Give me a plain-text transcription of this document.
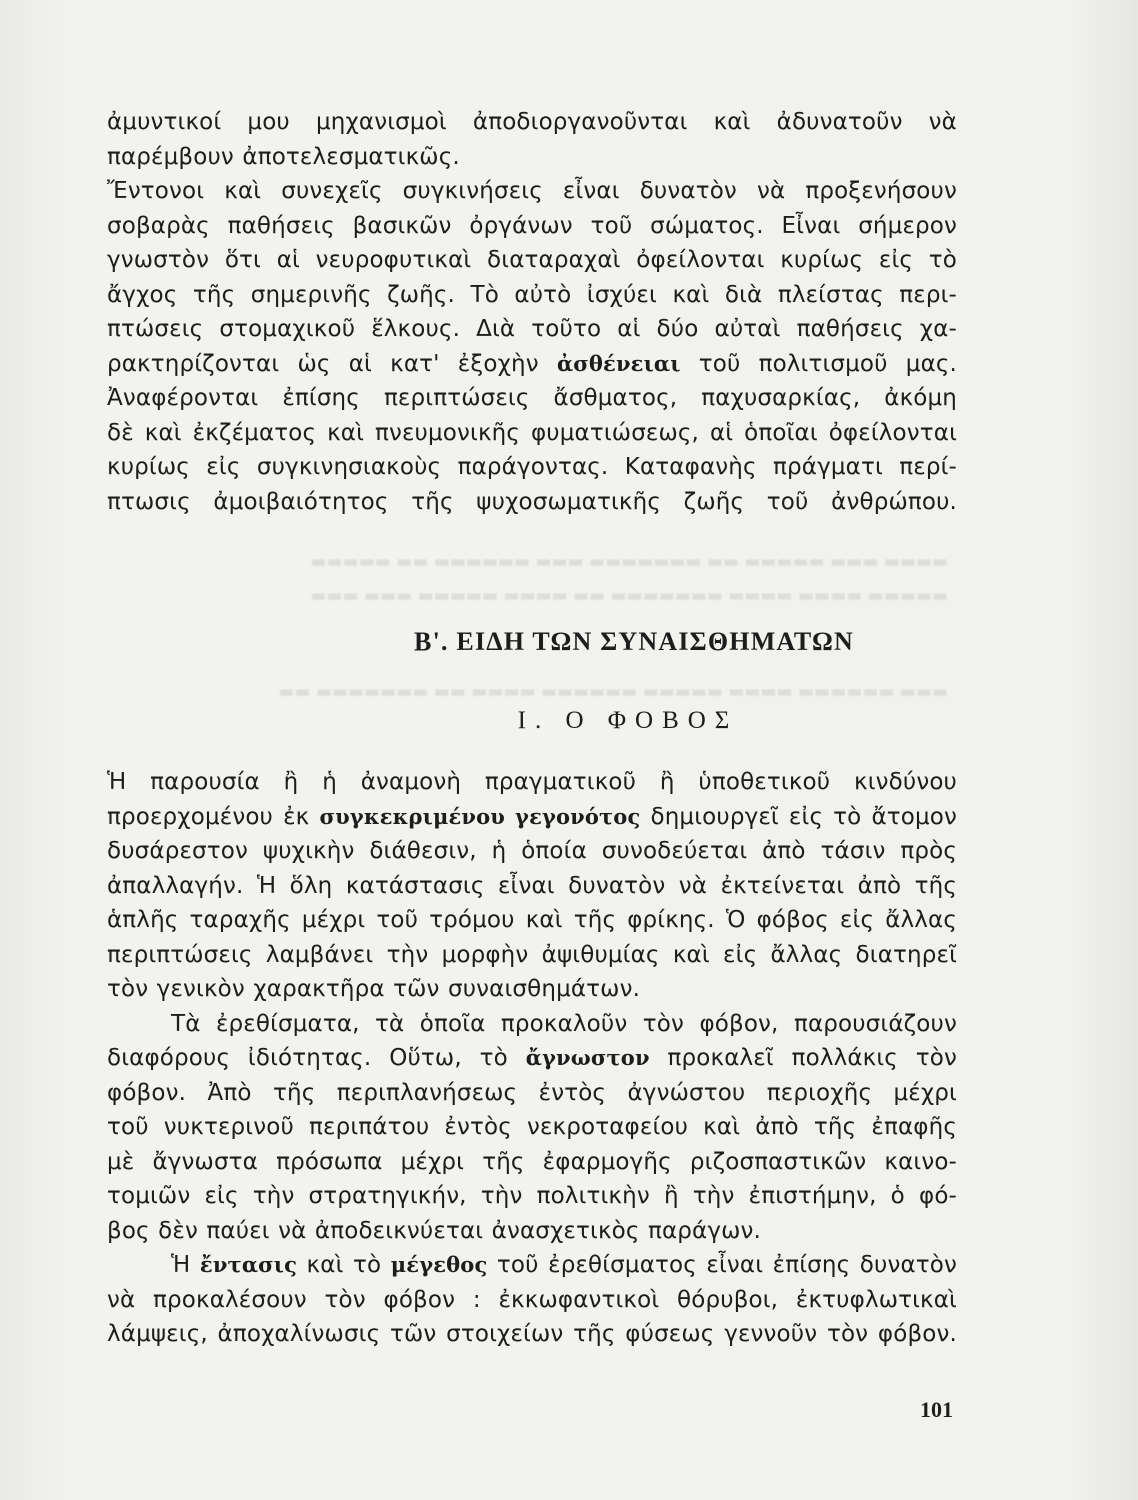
▬▬▬▬ ▬▬▬ ▬▬▬▬▬ ▬▬ ▬▬▬▬▬▬▬ ▬▬▬ ▬▬▬▬▬▬ ▬▬ ▬▬▬▬▬
▬▬▬▬▬ ▬▬▬▬ ▬▬▬▬ ▬▬▬▬▬▬▬ ▬▬ ▬▬▬▬ ▬▬▬▬▬ ▬▬▬ ▬▬▬
▬▬▬ ▬▬▬▬▬▬ ▬▬▬▬ ▬▬▬▬▬ ▬▬▬▬▬▬ ▬▬▬▬ ▬▬ ▬▬▬▬▬▬▬ ▬▬
ἀμυντικοί μου μηχανισμοὶ ἀποδιοργανοῦνται καὶ ἀδυνατοῦν νὰ
παρέμβουν ἀποτελεσματικῶς.
Ἔντονοι καὶ συνεχεῖς συγκινήσεις εἶναι δυνατὸν νὰ προξενήσουν
σοβαρὰς παθήσεις βασικῶν ὀργάνων τοῦ σώματος. Εἶναι σήμερον
γνωστὸν ὅτι αἱ νευροφυτικαὶ διαταραχαὶ ὀφείλονται κυρίως εἰς τὸ
ἄγχος τῆς σημερινῆς ζωῆς. Τὸ αὐτὸ ἰσχύει καὶ διὰ πλείστας περι-
πτώσεις στομαχικοῦ ἕλκους. Διὰ τοῦτο αἱ δύο αὐταὶ παθήσεις χα-
ρακτηρίζονται ὡς αἱ κατ' ἐξοχὴν ἀσθένειαι τοῦ πολιτισμοῦ μας.
Ἀναφέρονται ἐπίσης περιπτώσεις ἄσθματος, παχυσαρκίας, ἀκόμη
δὲ καὶ ἐκζέματος καὶ πνευμονικῆς φυματιώσεως, αἱ ὁποῖαι ὀφείλονται
κυρίως εἰς συγκινησιακοὺς παράγοντας. Καταφανὴς πράγματι περί-
πτωσις ἀμοιβαιότητος τῆς ψυχοσωματικῆς ζωῆς τοῦ ἀνθρώπου.
Β'. ΕΙΔΗ ΤΩΝ ΣΥΝΑΙΣΘΗΜΑΤΩΝ
Ι. Ο ΦΟΒΟΣ
Ἡ παρουσία ἢ ἡ ἀναμονὴ πραγματικοῦ ἢ ὑποθετικοῦ κινδύνου
προερχομένου ἐκ συγκεκριμένου γεγονότος δημιουργεῖ εἰς τὸ ἄτομον
δυσάρεστον ψυχικὴν διάθεσιν, ἡ ὁποία συνοδεύεται ἀπὸ τάσιν πρὸς
ἀπαλλαγήν. Ἡ ὅλη κατάστασις εἶναι δυνατὸν νὰ ἐκτείνεται ἀπὸ τῆς
ἁπλῆς ταραχῆς μέχρι τοῦ τρόμου καὶ τῆς φρίκης. Ὁ φόβος εἰς ἄλλας
περιπτώσεις λαμβάνει τὴν μορφὴν ἀψιθυμίας καὶ εἰς ἄλλας διατηρεῖ
τὸν γενικὸν χαρακτῆρα τῶν συναισθημάτων.
Τὰ ἐρεθίσματα, τὰ ὁποῖα προκαλοῦν τὸν φόβον, παρουσιάζουν
διαφόρους ἰδιότητας. Οὕτω, τὸ ἄγνωστον προκαλεῖ πολλάκις τὸν
φόβον. Ἀπὸ τῆς περιπλανήσεως ἐντὸς ἀγνώστου περιοχῆς μέχρι
τοῦ νυκτερινοῦ περιπάτου ἐντὸς νεκροταφείου καὶ ἀπὸ τῆς ἐπαφῆς
μὲ ἄγνωστα πρόσωπα μέχρι τῆς ἐφαρμογῆς ριζοσπαστικῶν καινο-
τομιῶν εἰς τὴν στρατηγικήν, τὴν πολιτικὴν ἢ τὴν ἐπιστήμην, ὁ φό-
βος δὲν παύει νὰ ἀποδεικνύεται ἀνασχετικὸς παράγων.
Ἡ ἔντασις καὶ τὸ μέγεθος τοῦ ἐρεθίσματος εἶναι ἐπίσης δυνατὸν
νὰ προκαλέσουν τὸν φόβον : ἐκκωφαντικοὶ θόρυβοι, ἐκτυφλωτικαὶ
λάμψεις, ἀποχαλίνωσις τῶν στοιχείων τῆς φύσεως γεννοῦν τὸν φόβον.
101
